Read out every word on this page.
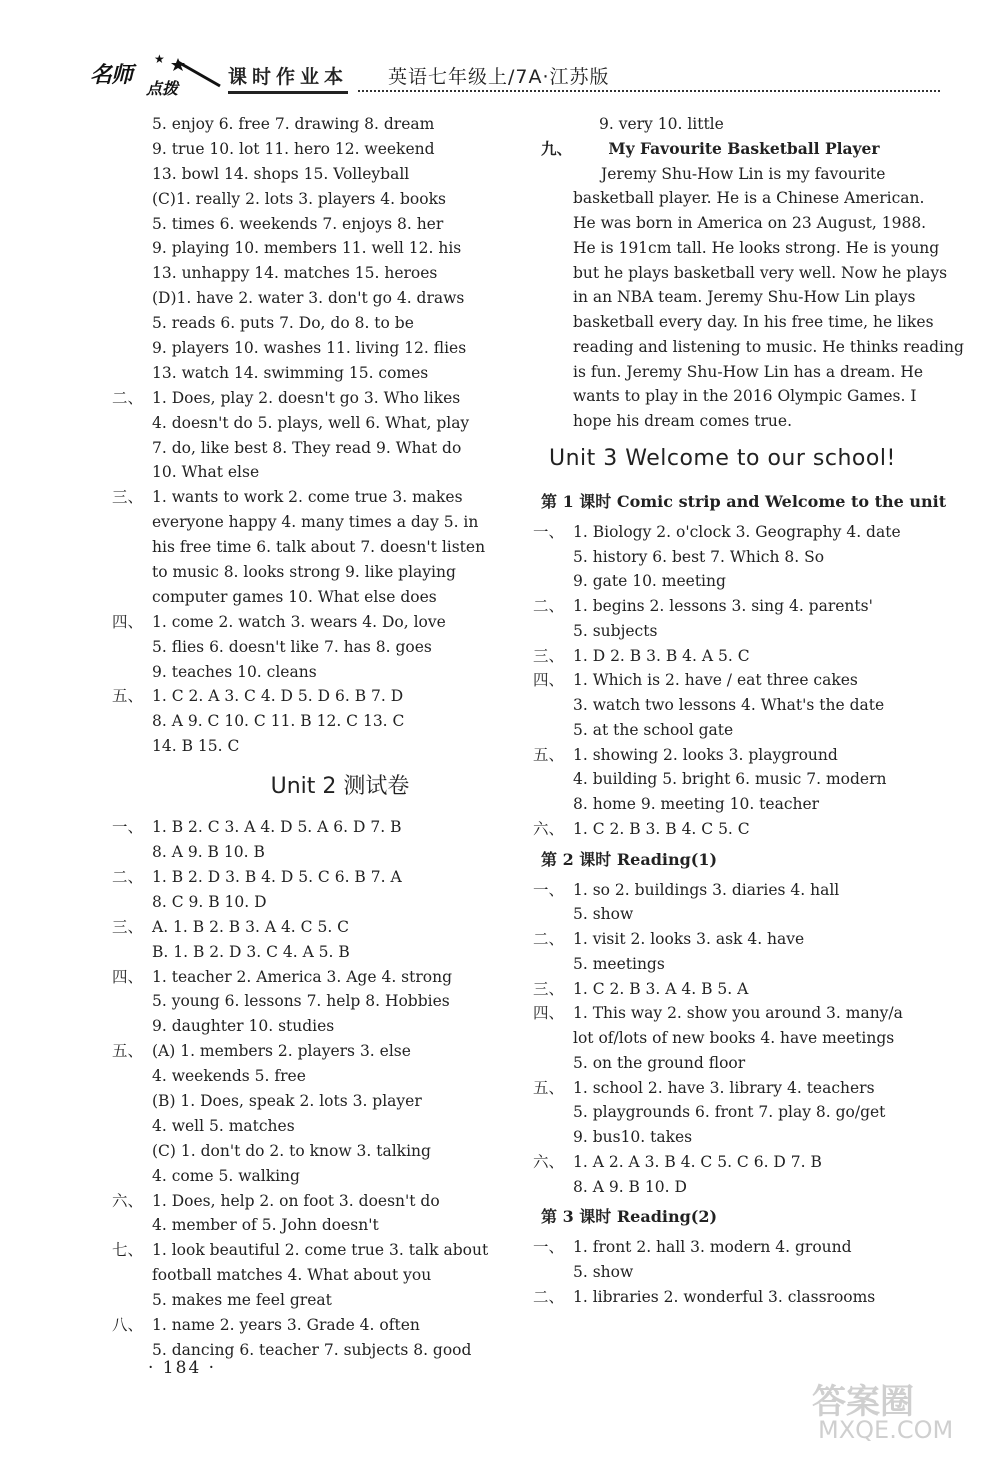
★
名师
点拨
课时作业本 英语七年级上/7A·江苏版
5. enjoy 6. free 7. drawing 8. dream
9. true 10. lot 11. hero 12. weekend
13. bowl 14. shops 15. Volleyball
(C)1. really 2. lots 3. players 4. books
5. times 6. weekends 7. enjoys 8. her
9. playing 10. members 11. well 12. his
13. unhappy 14. matches 15. heroes
(D)1. have 2. water 3. don't go 4. draws
5. reads 6. puts 7. Do, do 8. to be
9. players 10. washes 11. living 12. flies
13. watch 14. swimming 15. comes
二、 1. Does, play 2. doesn't go 3. Who likes
4. doesn't do 5. plays, well 6. What, play
7. do, like best 8. They read 9. What do
10. What else
三、 1. wants to work 2. come true 3. makes
everyone happy 4. many times a day 5. in
his free time 6. talk about 7. doesn't listen
to music 8. looks strong 9. like playing
computer games 10. What else does
四、 1. come 2. watch 3. wears 4. Do, love
5. flies 6. doesn't like 7. has 8. goes
9. teaches 10. cleans
五、 1. C 2. A 3. C 4. D 5. D 6. B 7. D
8. A 9. C 10. C 11. B 12. C 13. C
14. B 15. C
Unit 2 测试卷
一、 1. B 2. C 3. A 4. D 5. A 6. D 7. B
8. A 9. B 10. B
二、 1. B 2. D 3. B 4. D 5. C 6. B 7. A
8. C 9. B 10. D
三、 A. 1. B 2. B 3. A 4. C 5. C
B. 1. B 2. D 3. C 4. A 5. B
四、 1. teacher 2. America 3. Age 4. strong
5. young 6. lessons 7. help 8. Hobbies
9. daughter 10. studies
五、 (A) 1. members 2. players 3. else
4. weekends 5. free
(B) 1. Does, speak 2. lots 3. player
4. well 5. matches
(C) 1. don't do 2. to know 3. talking
4. come 5. walking
六、 1. Does, help 2. on foot 3. doesn't do
4. member of 5. John doesn't
七、 1. look beautiful 2. come true 3. talk about
football matches 4. What about you
5. makes me feel great
八、 1. name 2. years 3. Grade 4. often
5. dancing 6. teacher 7. subjects 8. good
9. very 10. little
九、 My Favourite Basketball Player
Jeremy Shu-How Lin is my favourite
basketball player. He is a Chinese American.
He was born in America on 23 August, 1988.
He is 191cm tall. He looks strong. He is young
but he plays basketball very well. Now he plays
in an NBA team. Jeremy Shu-How Lin plays
basketball every day. In his free time, he likes
reading and listening to music. He thinks reading
is fun. Jeremy Shu-How Lin has a dream. He
wants to play in the 2016 Olympic Games. I
hope his dream comes true.
Unit 3 Welcome to our school!
第 1 课时 Comic strip and Welcome to the unit
一、 1. Biology 2. o'clock 3. Geography 4. date
5. history 6. best 7. Which 8. So
9. gate 10. meeting
二、 1. begins 2. lessons 3. sing 4. parents'
5. subjects
三、 1. D 2. B 3. B 4. A 5. C
四、 1. Which is 2. have / eat three cakes
3. watch two lessons 4. What's the date
5. at the school gate
五、 1. showing 2. looks 3. playground
4. building 5. bright 6. music 7. modern
8. home 9. meeting 10. teacher
六、 1. C 2. B 3. B 4. C 5. C
第 2 课时 Reading(1)
一、 1. so 2. buildings 3. diaries 4. hall
5. show
二、 1. visit 2. looks 3. ask 4. have
5. meetings
三、 1. C 2. B 3. A 4. B 5. A
四、 1. This way 2. show you around 3. many/a
lot of/lots of new books 4. have meetings
5. on the ground floor
五、 1. school 2. have 3. library 4. teachers
5. playgrounds 6. front 7. play 8. go/get
9. bus10. takes
六、 1. A 2. A 3. B 4. C 5. C 6. D 7. B
8. A 9. B 10. D
第 3 课时 Reading(2)
一、 1. front 2. hall 3. modern 4. ground
5. show
二、 1. libraries 2. wonderful 3. classrooms
· 184 ·
答案圈
MXQE.COM
